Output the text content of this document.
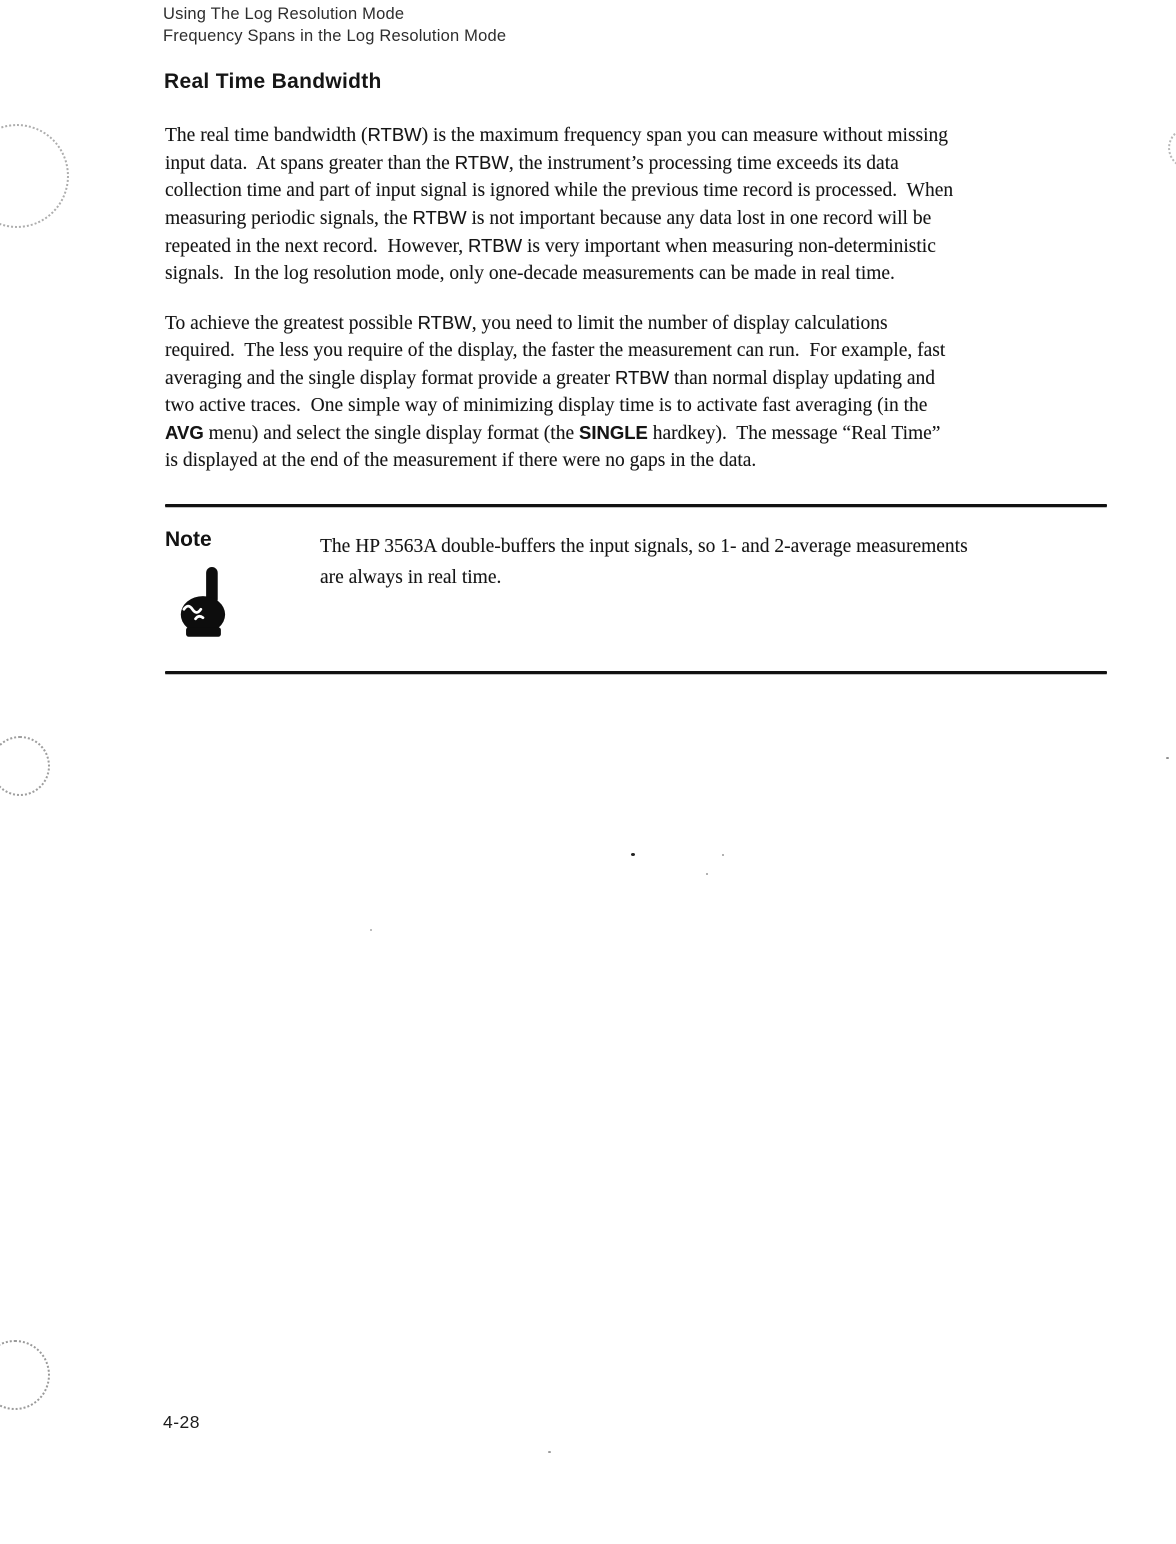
Using The Log Resolution Mode
Frequency Spans in the Log Resolution Mode
Real Time Bandwidth
The real time bandwidth (RTBW) is the maximum frequency span you can measure without missing
input data.  At spans greater than the RTBW, the instrument’s processing time exceeds its data
collection time and part of input signal is ignored while the previous time record is processed.  When
measuring periodic signals, the RTBW is not important because any data lost in one record will be
repeated in the next record.  However, RTBW is very important when measuring non-deterministic
signals.  In the log resolution mode, only one-decade measurements can be made in real time.
To achieve the greatest possible RTBW, you need to limit the number of display calculations
required.  The less you require of the display, the faster the measurement can run.  For example, fast
averaging and the single display format provide a greater RTBW than normal display updating and
two active traces.  One simple way of minimizing display time is to activate fast averaging (in the
AVG menu) and select the single display format (the SINGLE hardkey).  The message “Real Time”
is displayed at the end of the measurement if there were no gaps in the data.
Note	The HP 3563A double-buffers the input signals, so 1- and 2-average measurements
are always in real time.
4-28
